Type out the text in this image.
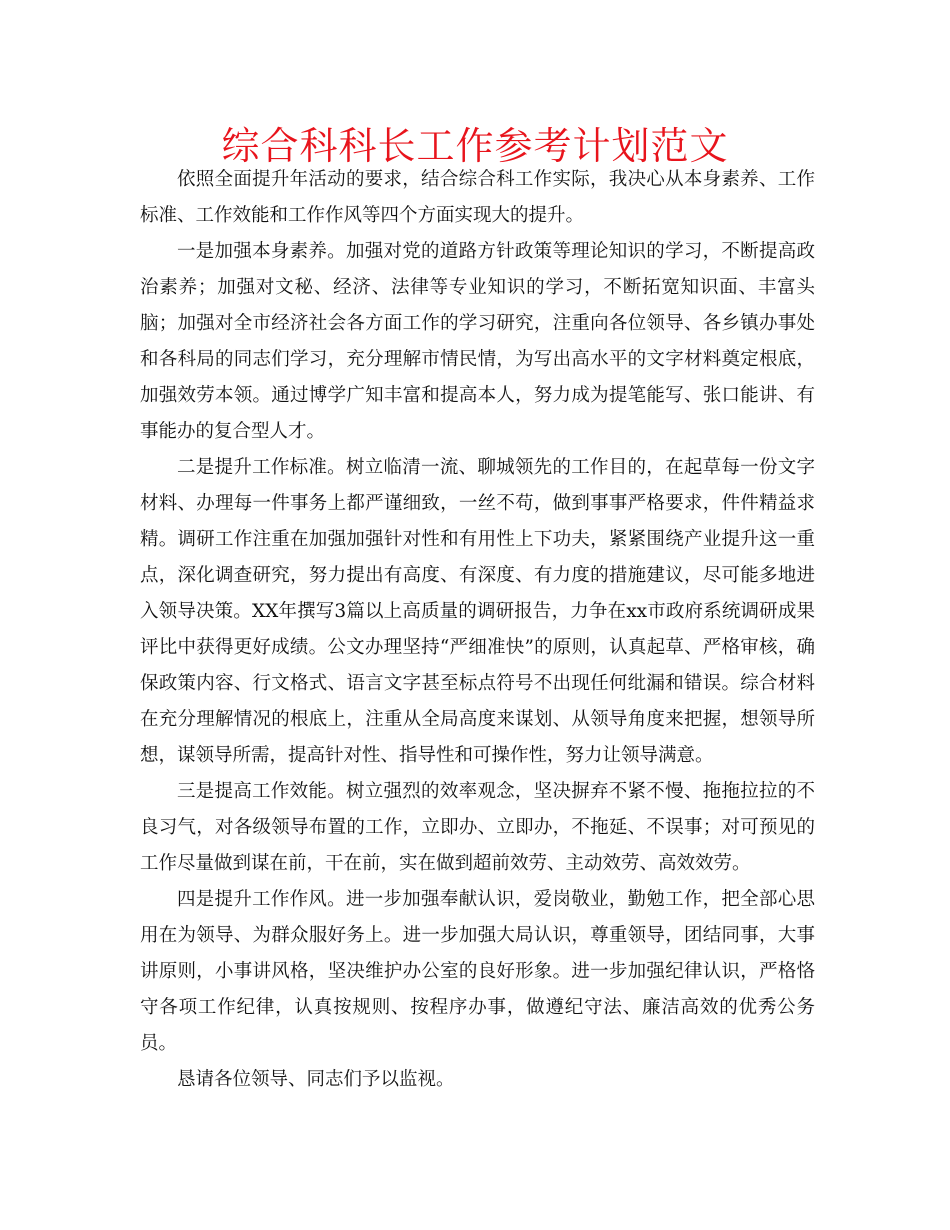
综合科科长工作参考计划范文

依照全面提升年活动的要求，结合综合科工作实际，我决心从本身素养、工作标准、工作效能和工作作风等四个方面实现大的提升。

一是加强本身素养。加强对党的道路方针政策等理论知识的学习，不断提高政治素养；加强对文秘、经济、法律等专业知识的学习，不断拓宽知识面、丰富头脑；加强对全市经济社会各方面工作的学习研究，注重向各位领导、各乡镇办事处和各科局的同志们学习，充分理解市情民情，为写出高水平的文字材料奠定根底，加强效劳本领。通过博学广知丰富和提高本人，努力成为提笔能写、张口能讲、有事能办的复合型人才。

二是提升工作标准。树立临清一流、聊城领先的工作目的，在起草每一份文字材料、办理每一件事务上都严谨细致，一丝不苟，做到事事严格要求，件件精益求精。调研工作注重在加强加强针对性和有用性上下功夫，紧紧围绕产业提升这一重点，深化调查研究，努力提出有高度、有深度、有力度的措施建议，尽可能多地进入领导决策。XX年撰写3篇以上高质量的调研报告，力争在xx市政府系统调研成果评比中获得更好成绩。公文办理坚持“严细准快”的原则，认真起草、严格审核，确保政策内容、行文格式、语言文字甚至标点符号不出现任何纰漏和错误。综合材料在充分理解情况的根底上，注重从全局高度来谋划、从领导角度来把握，想领导所想，谋领导所需，提高针对性、指导性和可操作性，努力让领导满意。

三是提高工作效能。树立强烈的效率观念，坚决摒弃不紧不慢、拖拖拉拉的不良习气，对各级领导布置的工作，立即办、立即办，不拖延、不误事；对可预见的工作尽量做到谋在前，干在前，实在做到超前效劳、主动效劳、高效效劳。

四是提升工作作风。进一步加强奉献认识，爱岗敬业，勤勉工作，把全部心思用在为领导、为群众服好务上。进一步加强大局认识，尊重领导，团结同事，大事讲原则，小事讲风格，坚决维护办公室的良好形象。进一步加强纪律认识，严格恪守各项工作纪律，认真按规则、按程序办事，做遵纪守法、廉洁高效的优秀公务员。

恳请各位领导、同志们予以监视。
